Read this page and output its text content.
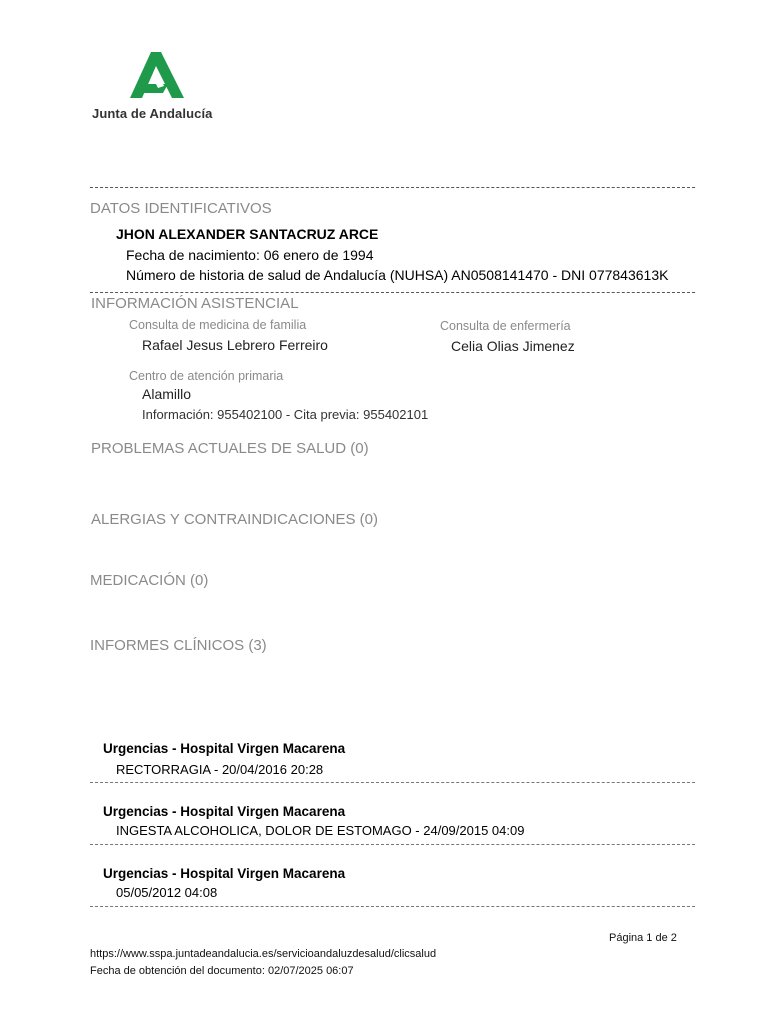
Junta de Andalucía
DATOS IDENTIFICATIVOS
JHON ALEXANDER SANTACRUZ ARCE
Fecha de nacimiento: 06 enero de 1994
Número de historia de salud de Andalucía (NUHSA) AN0508141470 - DNI 077843613K
INFORMACIÓN ASISTENCIAL
Consulta de medicina de familia
Rafael Jesus Lebrero Ferreiro
Consulta de enfermería
Celia Olias Jimenez
Centro de atención primaria
Alamillo
Información: 955402100 - Cita previa: 955402101
PROBLEMAS ACTUALES DE SALUD (0)
ALERGIAS Y CONTRAINDICACIONES (0)
MEDICACIÓN (0)
INFORMES CLÍNICOS (3)
Urgencias - Hospital Virgen Macarena
RECTORRAGIA - 20/04/2016 20:28
Urgencias - Hospital Virgen Macarena
INGESTA ALCOHOLICA, DOLOR DE ESTOMAGO - 24/09/2015 04:09
Urgencias - Hospital Virgen Macarena
05/05/2012 04:08
Página 1 de 2
https://www.sspa.juntadeandalucia.es/servicioandaluzdesalud/clicsalud
Fecha de obtención del documento: 02/07/2025 06:07
